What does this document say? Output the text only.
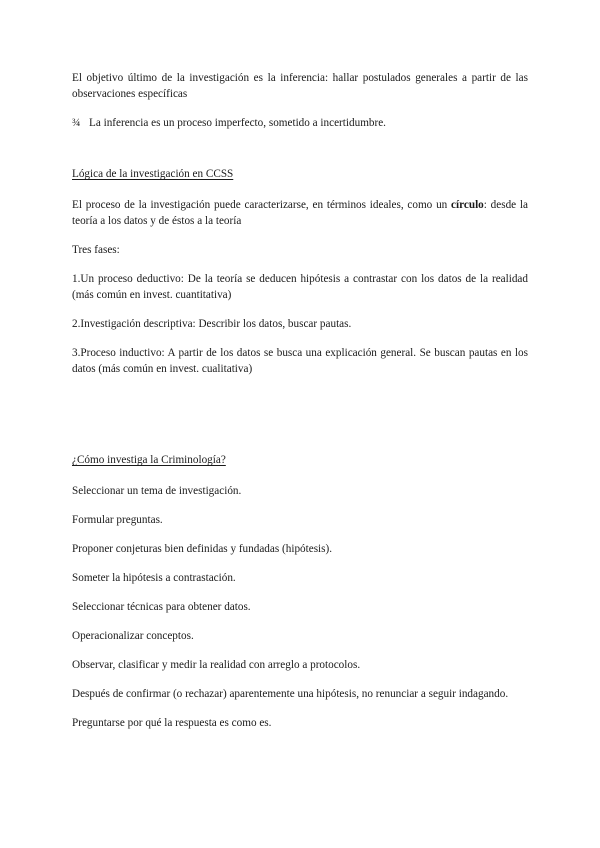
El objetivo último de la investigación es la inferencia: hallar postulados generales a partir de las observaciones específicas

¾ La inferencia es un proceso imperfecto, sometido a incertidumbre.

Lógica de la investigación en CCSS

El proceso de la investigación puede caracterizarse, en términos ideales, como un círculo: desde la teoría a los datos y de éstos a la teoría

Tres fases:

1.Un proceso deductivo: De la teoría se deducen hipótesis a contrastar con los datos de la realidad (más común en invest. cuantitativa)

2.Investigación descriptiva: Describir los datos, buscar pautas.

3.Proceso inductivo: A partir de los datos se busca una explicación general. Se buscan pautas en los datos (más común en invest. cualitativa)

¿Cómo investiga la Criminología?

Seleccionar un tema de investigación.

Formular preguntas.

Proponer conjeturas bien definidas y fundadas (hipótesis).

Someter la hipótesis a contrastación.

Seleccionar técnicas para obtener datos.

Operacionalizar conceptos.

Observar, clasificar y medir la realidad con arreglo a protocolos.

Después de confirmar (o rechazar) aparentemente una hipótesis, no renunciar a seguir indagando.

Preguntarse por qué la respuesta es como es.
